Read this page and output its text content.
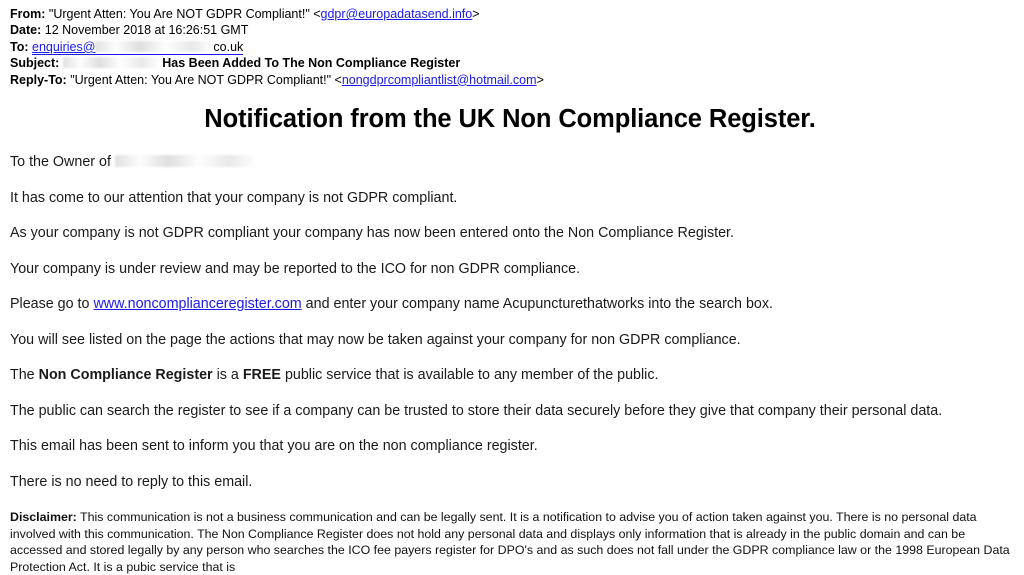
From: "Urgent Atten: You Are NOT GDPR Compliant!" <gdpr@europadatasend.info>
Date: 12 November 2018 at 16:26:51 GMT
To: enquiries@	co.uk
Subject:	Has Been Added To The Non Compliance Register
Reply-To: "Urgent Atten: You Are NOT GDPR Compliant!" <nongdprcompliantlist@hotmail.com>
Notification from the UK Non Compliance Register.

To the Owner of

It has come to our attention that your company is not GDPR compliant.

As your company is not GDPR compliant your company has now been entered onto the Non Compliance Register.

Your company is under review and may be reported to the ICO for non GDPR compliance.

Please go to www.noncomplianceregister.com and enter your company name Acupuncturethatworks into the search box.

You will see listed on the page the actions that may now be taken against your company for non GDPR compliance.

The Non Compliance Register is a FREE public service that is available to any member of the public.

The public can search the register to see if a company can be trusted to store their data securely before they give that company their personal data.

This email has been sent to inform you that you are on the non compliance register.

There is no need to reply to this email.

Disclaimer: This communication is not a business communication and can be legally sent. It is a notification to advise you of action taken against you. There is no personal data involved with this communication. The Non Compliance Register does not hold any personal data and displays only information that is already in the public domain and can be accessed and stored legally by any person who searches the ICO fee payers register for DPO's and as such does not fall under the GDPR compliance law or the 1998 European Data Protection Act. It is a pubic service that is
